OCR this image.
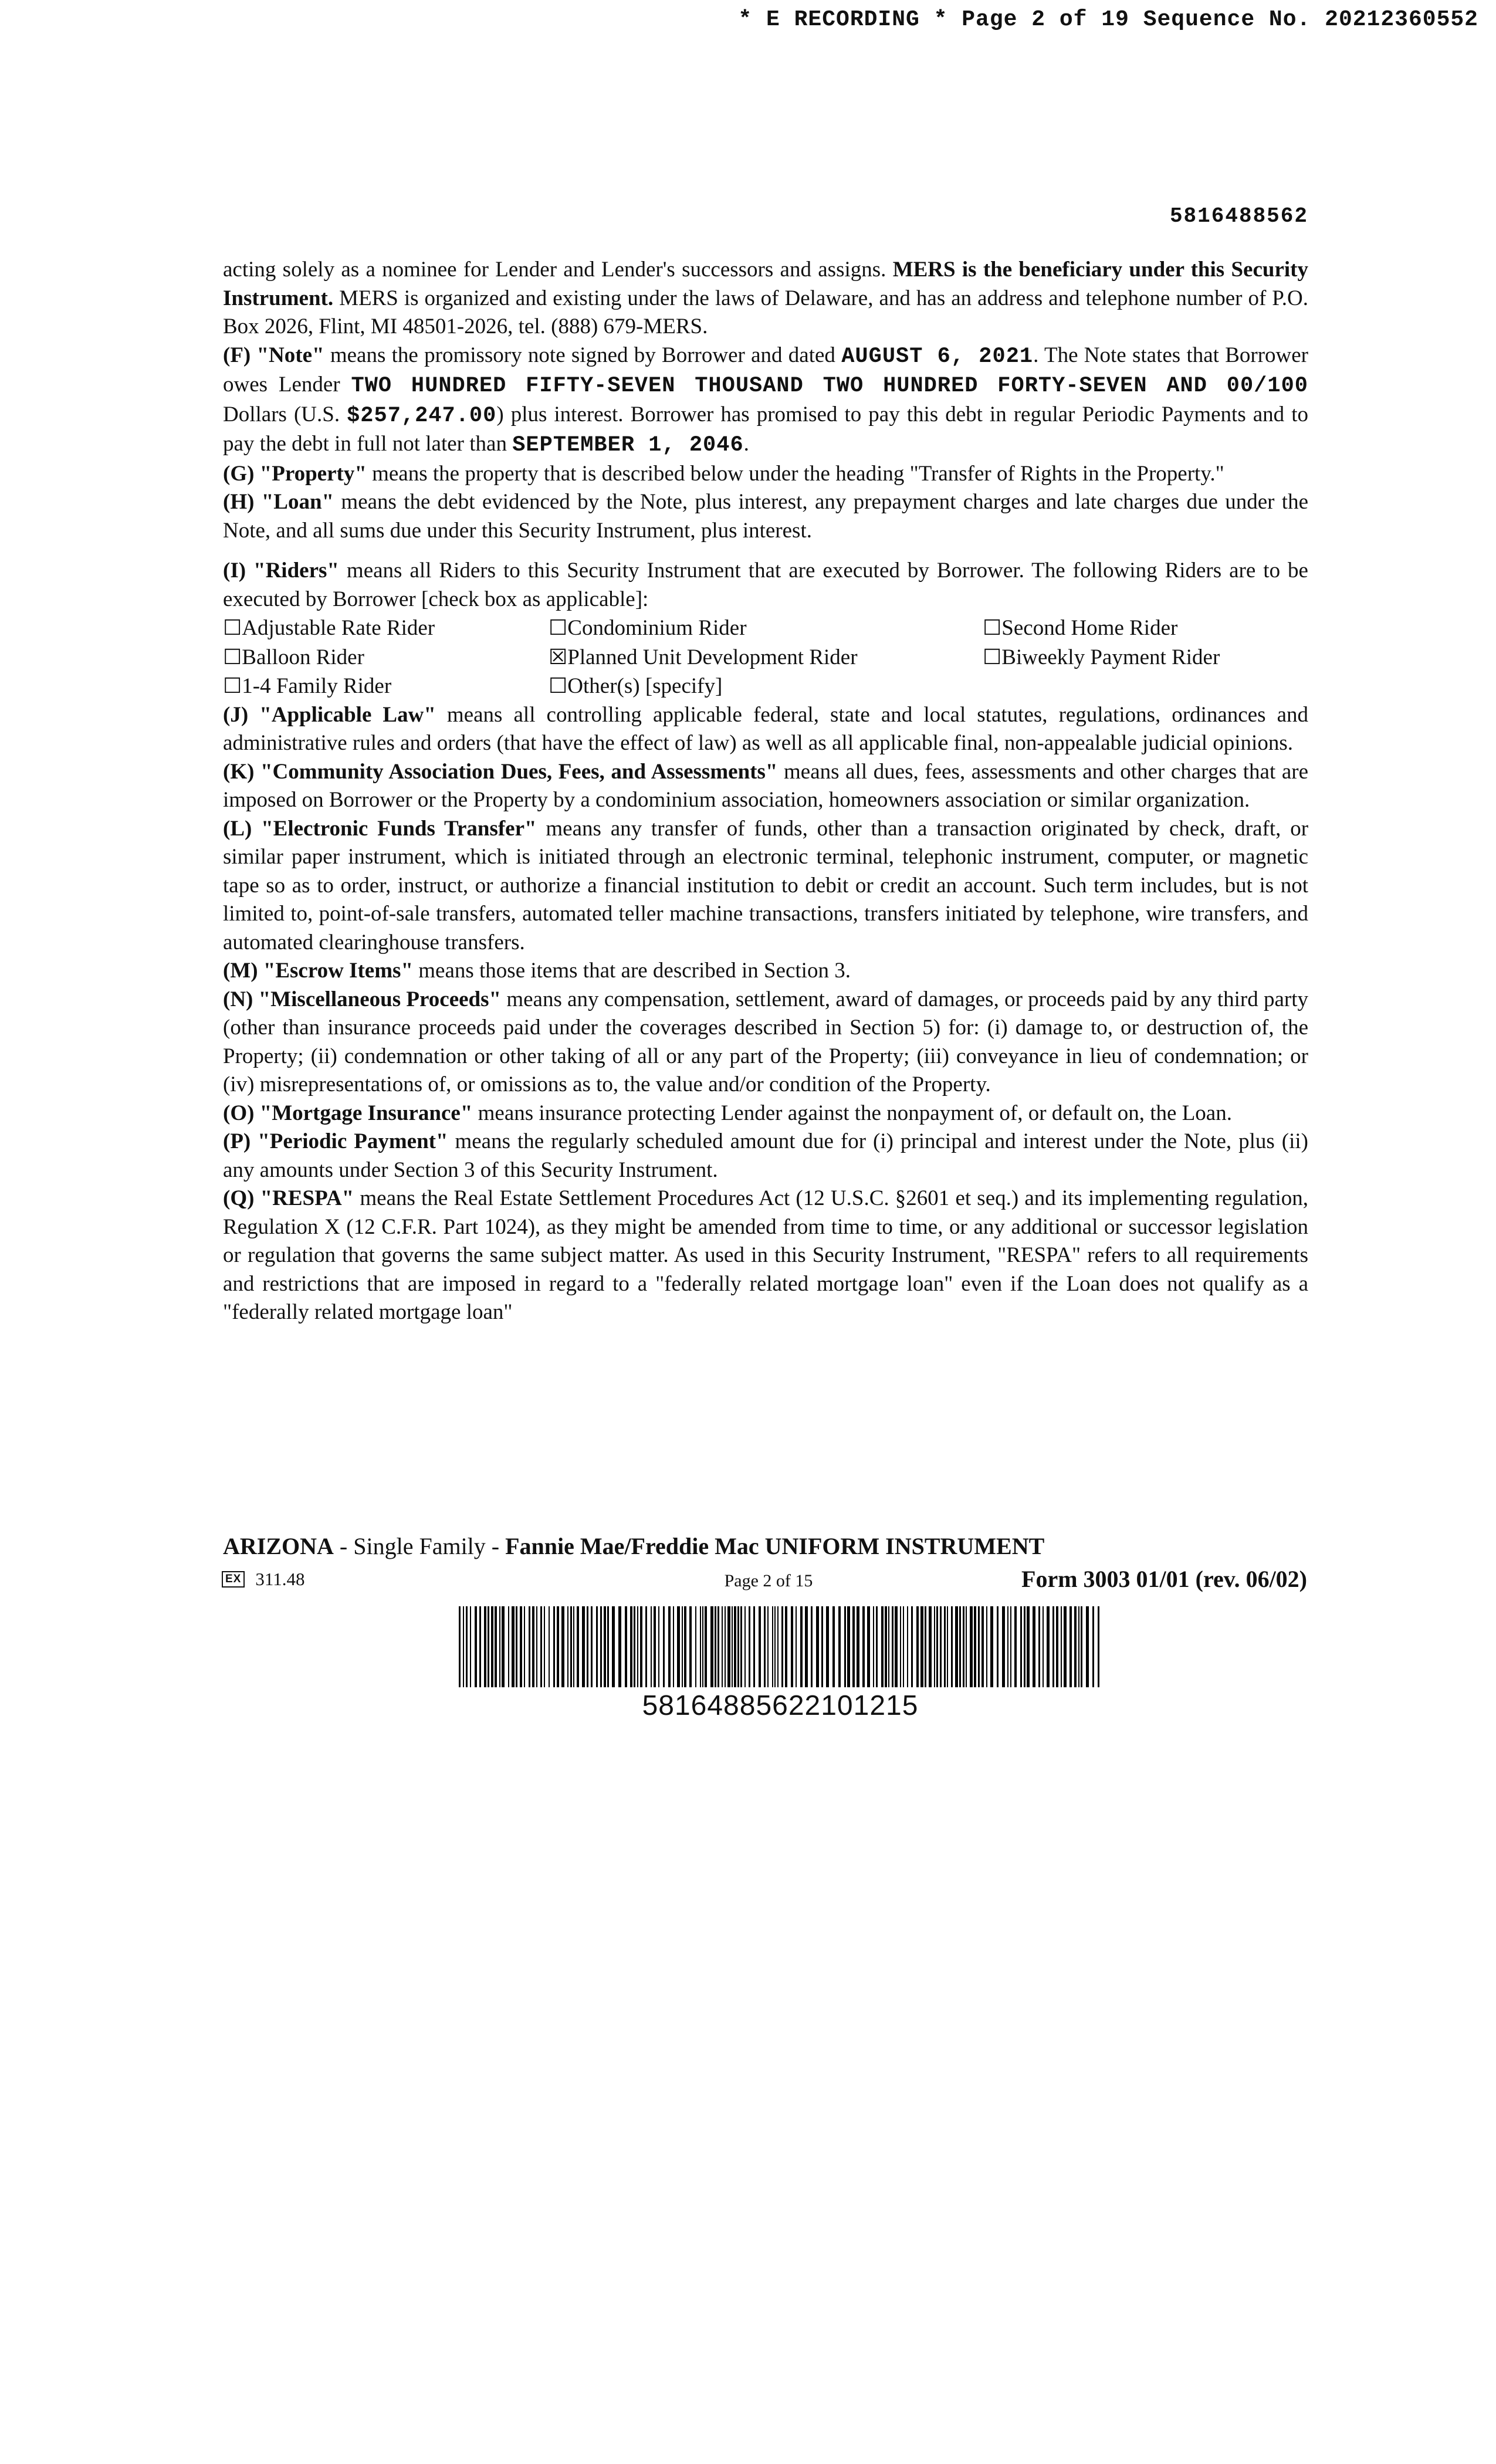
* E RECORDING * Page 2 of 19 Sequence No. 20212360552
5816488562

acting solely as a nominee for Lender and Lender's successors and assigns. MERS is the beneficiary under this Security Instrument. MERS is organized and existing under the laws of Delaware, and has an address and telephone number of P.O. Box 2026, Flint, MI 48501-2026, tel. (888) 679-MERS.

(F) "Note" means the promissory note signed by Borrower and dated AUGUST 6, 2021. The Note states that Borrower owes Lender TWO HUNDRED FIFTY-SEVEN THOUSAND TWO HUNDRED FORTY-SEVEN AND 00/100 Dollars (U.S. $257,247.00) plus interest. Borrower has promised to pay this debt in regular Periodic Payments and to pay the debt in full not later than SEPTEMBER 1, 2046.

(G) "Property" means the property that is described below under the heading "Transfer of Rights in the Property."

(H) "Loan" means the debt evidenced by the Note, plus interest, any prepayment charges and late charges due under the Note, and all sums due under this Security Instrument, plus interest.

(I) "Riders" means all Riders to this Security Instrument that are executed by Borrower. The following Riders are to be executed by Borrower [check box as applicable]:

☐Adjustable Rate Rider	☐Condominium Rider	☐Second Home Rider
☐Balloon Rider	☒Planned Unit Development Rider	☐Biweekly Payment Rider
☐1-4 Family Rider	☐Other(s) [specify]

(J) "Applicable Law" means all controlling applicable federal, state and local statutes, regulations, ordinances and administrative rules and orders (that have the effect of law) as well as all applicable final, non-appealable judicial opinions.

(K) "Community Association Dues, Fees, and Assessments" means all dues, fees, assessments and other charges that are imposed on Borrower or the Property by a condominium association, homeowners association or similar organization.

(L) "Electronic Funds Transfer" means any transfer of funds, other than a transaction originated by check, draft, or similar paper instrument, which is initiated through an electronic terminal, telephonic instrument, computer, or magnetic tape so as to order, instruct, or authorize a financial institution to debit or credit an account. Such term includes, but is not limited to, point-of-sale transfers, automated teller machine transactions, transfers initiated by telephone, wire transfers, and automated clearinghouse transfers.

(M) "Escrow Items" means those items that are described in Section 3.

(N) "Miscellaneous Proceeds" means any compensation, settlement, award of damages, or proceeds paid by any third party (other than insurance proceeds paid under the coverages described in Section 5) for: (i) damage to, or destruction of, the Property; (ii) condemnation or other taking of all or any part of the Property; (iii) conveyance in lieu of condemnation; or (iv) misrepresentations of, or omissions as to, the value and/or condition of the Property.

(O) "Mortgage Insurance" means insurance protecting Lender against the nonpayment of, or default on, the Loan.

(P) "Periodic Payment" means the regularly scheduled amount due for (i) principal and interest under the Note, plus (ii) any amounts under Section 3 of this Security Instrument.

(Q) "RESPA" means the Real Estate Settlement Procedures Act (12 U.S.C. §2601 et seq.) and its implementing regulation, Regulation X (12 C.F.R. Part 1024), as they might be amended from time to time, or any additional or successor legislation or regulation that governs the same subject matter. As used in this Security Instrument, "RESPA" refers to all requirements and restrictions that are imposed in regard to a "federally related mortgage loan" even if the Loan does not qualify as a "federally related mortgage loan"

ARIZONA - Single Family - Fannie Mae/Freddie Mac UNIFORM INSTRUMENT
EX 311.48	Page 2 of 15	Form 3003 01/01 (rev. 06/02)
58164885622101215
